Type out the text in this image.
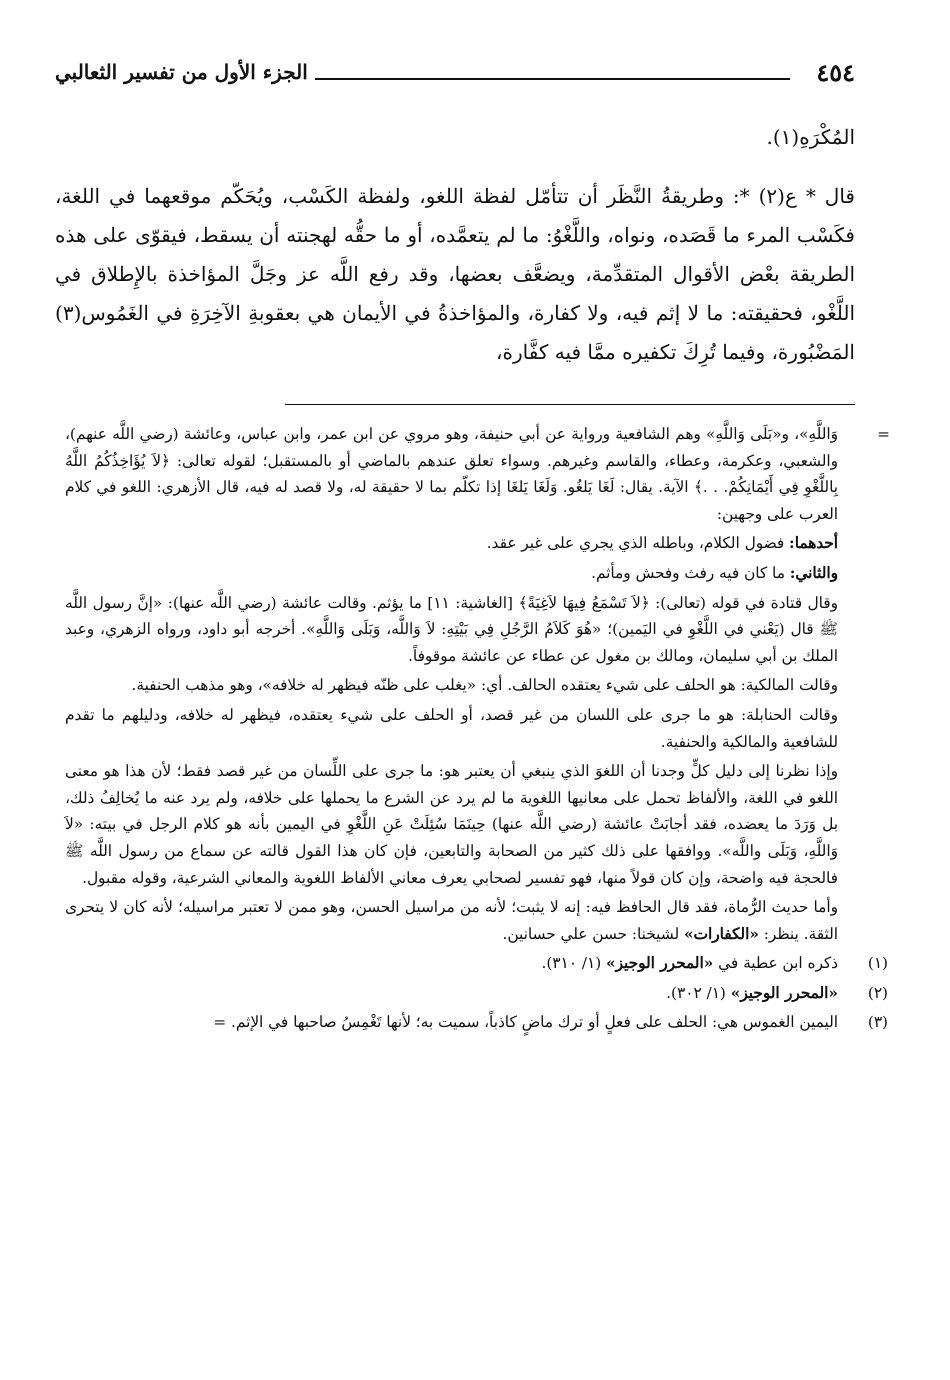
٤٥٤
الجزء الأول من تفسير الثعالبي

المُكْرَهِ(١).

قال * ع(٢) *: وطريقةُ النَّظَر أن تتأمّل لفظة اللغو، ولفظة الكَسْب، ويُحَكّم موقعهما في اللغة، فكَسْب المرء ما قَصَده، ونواه، واللَّغْوُ: ما لم يتعمَّده، أو ما حقُّه لهجنته أن يسقط، فيقوّى على هذه الطريقة بعْض الأقوال المتقدِّمة، ويضعَّف بعضها، وقد رفع اللَّه عز وجَلَّ المؤاخذة بالإِطلاق في اللَّغْو، فحقيقته: ما لا إثم فيه، ولا كفارة، والمؤاخذةُ في الأيمان هي بعقوبةِ الآخِرَةِ في الغَمُوس(٣) المَضْبُورة، وفيما تُرِكَ تكفيره ممَّا فيه كفَّارة،

=
وَاللَّهِ»، و«بَلَى وَاللَّهِ» وهم الشافعية ورواية عن أبي حنيفة، وهو مروي عن ابن عمر، وابن عباس، وعائشة (رضي اللَّه عنهم)، والشعبي، وعكرمة، وعطاء، والقاسم وغيرهم. وسواء تعلق عندهم بالماضي أو بالمستقبل؛ لقوله تعالى: ﴿لاَ يُؤَاخِذُكُمُ اللَّهُ بِاللَّغْوِ فِي أَيْمَانِكُمْ. . .﴾ الآية. يقال: لَغَا يَلغُو. وَلَغَا يَلغَا إذا تكلّم بما لا حقيقة له، ولا قصد له فيه، قال الأزهري: اللغو في كلام العرب على وجهين:

أحدهما: فضول الكلام، وباطله الذي يجري على غير عقد.

والثاني: ما كان فيه رفث وفحش ومأثم.

وقال قتادة في قوله (تعالى): ﴿لاَ تَسْمَعُ فِيهَا لاَغِيَةً﴾ [الغاشية: ١١] ما يؤثم. وقالت عائشة (رضي اللَّه عنها): «إنَّ رسول اللَّه ﷺ قال (يَعْني في اللَّغْوِ في اليَمين)؛ «هُوَ كَلاَمُ الرَّجُلِ فِي بَيْتِهِ: لاَ وَاللَّه، وَبَلَى وَاللَّهِ». أخرجه أبو داود، ورواه الزهري، وعبد الملك بن أبي سليمان، ومالك بن مغول عن عطاء عن عائشة موقوفاً.

وقالت المالكية: هو الحلف على شيء يعتقده الحالف. أي: «يغلب على ظنّه فيظهر له خلافه»، وهو مذهب الحنفية.

وقالت الحنابلة: هو ما جرى على اللسان من غير قصد، أو الحلف على شيء يعتقده، فيظهر له خلافه، ودليلهم ما تقدم للشافعية والمالكية والحنفية.

وإذا نظرنا إلى دليل كلٍّ وجدنا أن اللغوَ الذي ينبغي أن يعتبر هو: ما جرى على اللِّسان من غير قصد فقط؛ لأن هذا هو معنى اللغو في اللغة، والألفاظ تحمل على معانيها اللغوية ما لم يرد عن الشرع ما يحملها على خلافه، ولم يرد عنه ما يُخالِفُ ذلك، بل وَرَدَ ما يعضده، فقد أجابَتْ عائشة (رضي اللَّه عنها) حِينَمَا سُئِلَتْ عَنِ اللَّغْوِ في اليمين بأنه هو كلام الرجل في بيته: «لاَ وَاللَّهِ، وَبَلَى واللَّه». ووافقها على ذلك كثير من الصحابة والتابعين، فإن كان هذا القول قالته عن سماع من رسول اللَّه ﷺ فالحجة فيه واضحة، وإن كان قولاً منها، فهو تفسير لصحابي يعرف معاني الألفاظ اللغوية والمعاني الشرعية، وقوله مقبول.

وأما حديث الرُّماة، فقد قال الحافظ فيه: إنه لا يثبت؛ لأنه من مراسيل الحسن، وهو ممن لا تعتبر مراسيله؛ لأنه كان لا يتحرى الثقة. ينظر: «الكفارات» لشيخنا: حسن علي حسانين.

(١)
ذكره ابن عطية في «المحرر الوجيز» (١/ ٣١٠).

(٢)
«المحرر الوجيز» (١/ ٣٠٢).

(٣)
اليمين الغموس هي: الحلف على فعلٍ أو ترك ماضٍ كاذباً، سميت به؛ لأنها تَغْمِسُ صاحبها في الإثم. =
